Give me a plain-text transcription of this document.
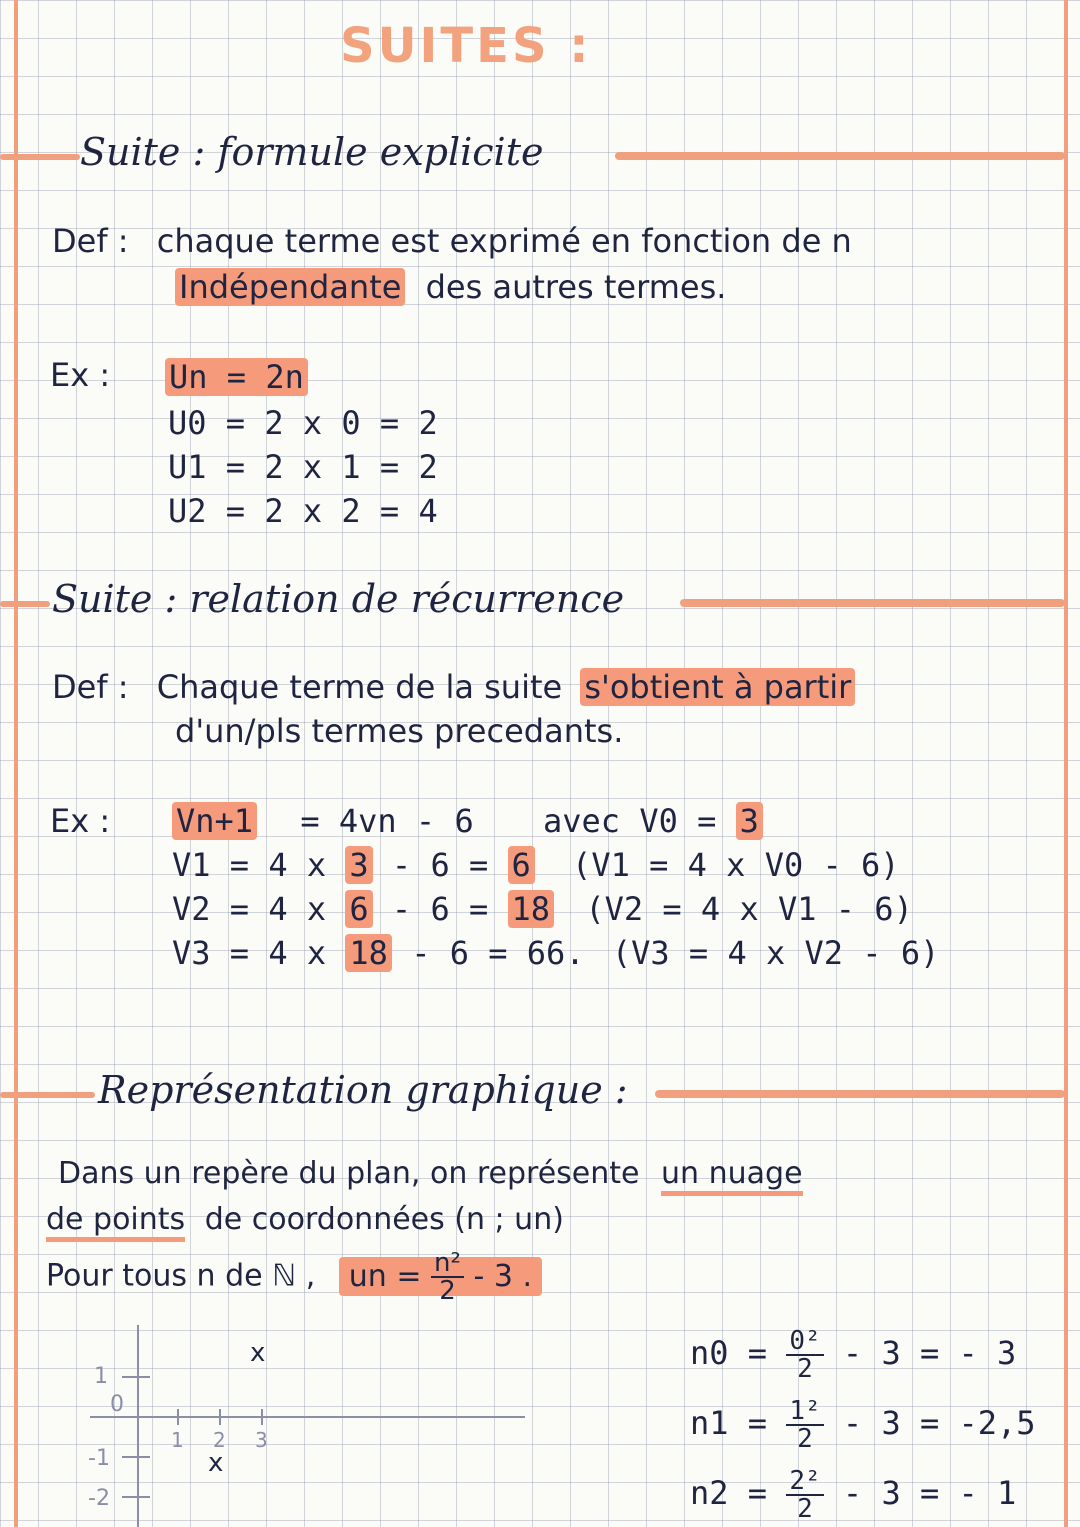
SUITES :
Suite : formule explicite
Def : chaque terme est exprimé en fonction de n
Indépendante des autres termes.
Ex : Un = 2n
U0 = 2 x 0 = 2
U1 = 2 x 1 = 2
U2 = 2 x 2 = 4
Suite : relation de récurrence
Def : Chaque terme de la suite s'obtient à partir
d'un/pls termes precedants.
Ex : Vn+1 = 4vn - 6 avec V0 = 3
V1 = 4 x 3 - 6 = 6 (V1 = 4 x V0 - 6)
V2 = 4 x 6 - 6 = 18 (V2 = 4 x V1 - 6)
V3 = 4 x 18 - 6 = 66. (V3 = 4 x V2 - 6)
Représentation graphique :
Dans un repère du plan, on représente un nuage
de points de coordonnées (n ; un)
Pour tous n de ℕ , un = $\frac{\text{n²}}{2} - 3$ .
$n0 = \frac{\text{0²}}{2} - 3$ = - 3
$n1 = \frac{\text{1²}}{2} - 3 = -2,5$
$n2 = \frac{\text{2²}}{2} - 3$ = - 1
1
0
-1
-2
1 2 3
x
x
